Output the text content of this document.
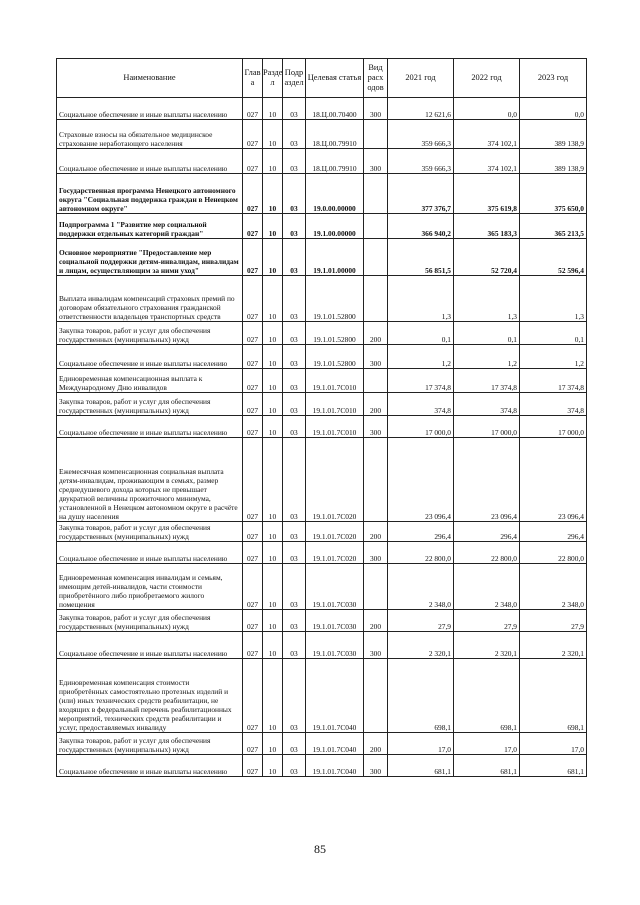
Наименование	Глав а	Разде л	Подр аздел	Целевая статья	Вид расх одов	2021 год	2022 год	2023 год
Социальное обеспечение и иные выплаты населению	027	10	03	18.Ц.00.70400	300	12 621,6	0,0	0,0
Страховые взносы на обязательное медицинское страхование неработающего населения	027	10	03	18.Ц.00.79910		359 666,3	374 102,1	389 138,9
Социальное обеспечение и иные выплаты населению	027	10	03	18.Ц.00.79910	300	359 666,3	374 102,1	389 138,9
Государственная программа Ненецкого автономного округа "Социальная поддержка граждан в Ненецком автономном округе"	027	10	03	19.0.00.00000		377 376,7	375 619,8	375 650,0
Подпрограмма 1 "Развитие мер социальной поддержки отдельных категорий граждан"	027	10	03	19.1.00.00000		366 940,2	365 183,3	365 213,5
Основное мероприятие "Предоставление мер социальной поддержки детям-инвалидам, инвалидам и лицам, осуществляющим за ними уход"	027	10	03	19.1.01.00000		56 851,5	52 720,4	52 596,4
Выплата инвалидам компенсаций страховых премий по договорам обязательного страхования гражданской ответственности владельцев транспортных средств	027	10	03	19.1.01.52800		1,3	1,3	1,3
Закупка товаров, работ и услуг для обеспечения государственных (муниципальных) нужд	027	10	03	19.1.01.52800	200	0,1	0,1	0,1
Социальное обеспечение и иные выплаты населению	027	10	03	19.1.01.52800	300	1,2	1,2	1,2
Единовременная компенсационная выплата к Международному Дню инвалидов	027	10	03	19.1.01.7С010		17 374,8	17 374,8	17 374,8
Закупка товаров, работ и услуг для обеспечения государственных (муниципальных) нужд	027	10	03	19.1.01.7С010	200	374,8	374,8	374,8
Социальное обеспечение и иные выплаты населению	027	10	03	19.1.01.7С010	300	17 000,0	17 000,0	17 000,0
Ежемесячная компенсационная социальная выплата детям-инвалидам, проживающим в семьях, размер среднедушевого дохода которых не превышает двукратной величины прожиточного минимума, установленной в Ненецком автономном округе в расчёте на душу населения	027	10	03	19.1.01.7С020		23 096,4	23 096,4	23 096,4
Закупка товаров, работ и услуг для обеспечения государственных (муниципальных) нужд	027	10	03	19.1.01.7С020	200	296,4	296,4	296,4
Социальное обеспечение и иные выплаты населению	027	10	03	19.1.01.7С020	300	22 800,0	22 800,0	22 800,0
Единовременная компенсация инвалидам и семьям, имеющим детей-инвалидов, части стоимости приобретённого либо приобретаемого жилого помещения	027	10	03	19.1.01.7С030		2 348,0	2 348,0	2 348,0
Закупка товаров, работ и услуг для обеспечения государственных (муниципальных) нужд	027	10	03	19.1.01.7С030	200	27,9	27,9	27,9
Социальное обеспечение и иные выплаты населению	027	10	03	19.1.01.7С030	300	2 320,1	2 320,1	2 320,1
Единовременная компенсация стоимости приобретённых самостоятельно протезных изделий и (или) иных технических средств реабилитации, не входящих в федеральный перечень реабилитационных мероприятий, технических средств реабилитации и услуг, предоставляемых инвалиду	027	10	03	19.1.01.7С040		698,1	698,1	698,1
Закупка товаров, работ и услуг для обеспечения государственных (муниципальных) нужд	027	10	03	19.1.01.7С040	200	17,0	17,0	17,0
Социальное обеспечение и иные выплаты населению	027	10	03	19.1.01.7С040	300	681,1	681,1	681,1
85
